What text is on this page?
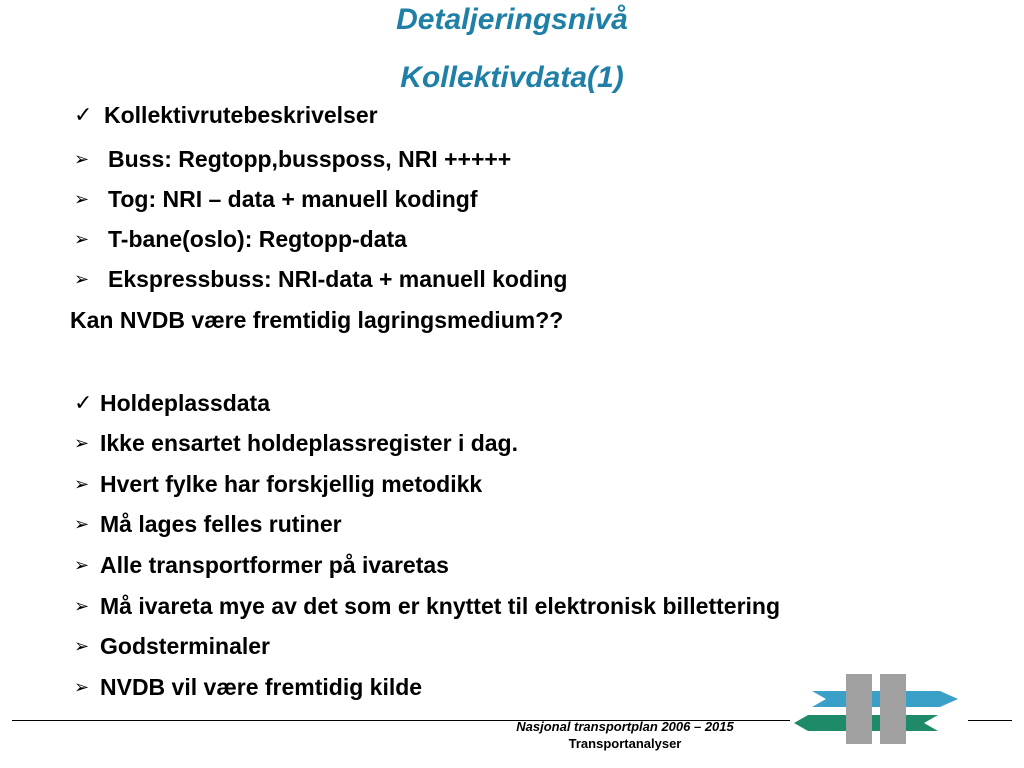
Detaljeringsnivå
Kollektivdata(1)
✓ Kollektivrutebeskrivelser
➢ Buss: Regtopp,bussposs, NRI +++++
➢ Tog: NRI – data + manuell kodingf
➢ T-bane(oslo): Regtopp-data
➢ Ekspressbuss: NRI-data + manuell koding
Kan NVDB være fremtidig lagringsmedium??
✓ Holdeplassdata
➢ Ikke ensartet holdeplassregister i dag.
➢ Hvert fylke har forskjellig metodikk
➢ Må lages felles rutiner
➢ Alle transportformer på ivaretas
➢ Må ivareta mye av det som er knyttet til elektronisk billettering
➢ Godsterminaler
➢ NVDB vil være fremtidig kilde
Nasjonal transportplan 2006 – 2015
Transportanalyser
